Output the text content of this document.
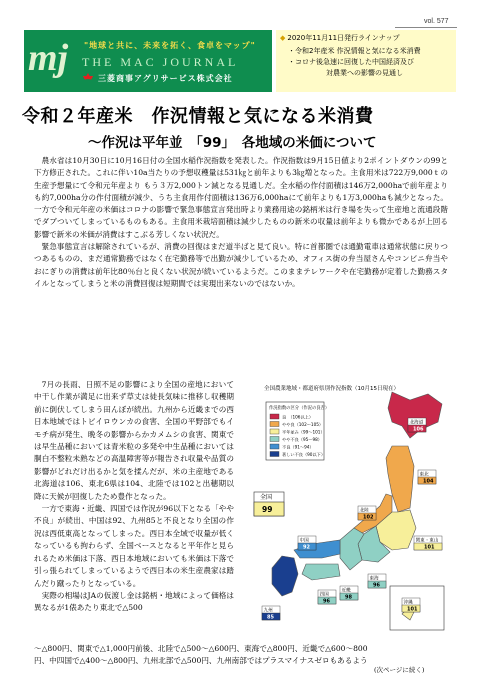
vol. 577
mj "地球と共に、未来を拓く、食卓をマップ"
THE MAC JOURNAL
三菱商事アグリサービス株式会社
◆ 2020年11月11日発行ラインナップ
・令和2年産米 作況情報と気になる米消費
・コロナ後急速に回復した中国経済及び
対農業への影響の見通し
令和２年産米　作況情報と気になる米消費
～作況は平年並　「99」　各地域の米価について

農水省は10月30日に10月16日付の全国水稲作況指数を発表した。作況指数は9月15日値より2ポイントダウンの99と下方修正された。これに伴い10a当たりの予想収穫量は531㎏と前年よりも3㎏増となった。主食用米は722万9,000ｔの生産予想量にて令和元年産より もう３万2,000トン減となる見通しだ。全水稲の作付面積は146万2,000haで前年産よりも約7,000ha分の作付面積が減少、うち主食用作付面積は136万6,000haにて前年よりも1万3,000haも減少となった。一方で令和元年産の米価はコロナの影響で緊急事態宣言発出時より業務用途の銘柄米は行き場を失って生産地と流通段階でダブついてしまっているものもある。主食用米栽培面積は減少したものの新米の収量は前年よりも微かであるが上回る影響で新米の米価が消費はすこぶる芳しくない状況だ。

緊急事態宣言は解除されているが、消費の回復はまだ道半ばと見て良い。特に首都圏では通勤電車は通常状態に戻りつつあるものの、まだ通常勤務ではなく在宅勤務等で出勤が減少しているため、オフィス街の弁当屋さんやコンビニ弁当やおにぎりの消費は前年比80％台と良くない状況が続いているようだ。このままテレワークや在宅勤務が定着した勤務スタイルとなってしまうと米の消費回復は短期間では実現出来ないのではないか。

7月の長雨、日照不足の影響により全国の産地において中干し作業が満足に出来ず草丈は徒長気味に推移し収穫期前に倒伏してしまう田んぼが続出。九州から近畿までの西日本地域ではトビイロウンカの食害、全国の平野部でもイモチ病が発生、晩冬の影響からかカメムシの食害、関東では早生品種においては青米粒の多発や中生品種においては胴白不整粒未熟などの高温障害等が報告され収量や品質の影響がどれだけ出るかと気を揉んだが、米の主産地である北海道は106、東北6県は104、北陸では102と出穂期以降に天候が回復したため豊作となった。

一方で東海・近畿、四国では作況が96以下となる「やや不良」が続出、中国は92、九州85と不良となり全国の作況は西低東高となってしまった。西日本全域で収量が低くなっているも拘わらず、全国ベースとなると平年作と見られるため米価は下落、西日本地域においても米価は下落で引っ張られてしまっているようで西日本の米生産農家は踏んだり蹴ったりとなっている。

実際の相場はJAの仮渡し金は銘柄・地域によって価格は異なるが1俵あたり東北で△500

全国農業地域・都道府県別作況指数（10月15日現在）
作況指数の区分（作況の良否）
良　（106以上）
やや良（102～105）
平年並み（99～101）
やや不良（95～98）
不良（91～94）
著しい不良（90以下）
全国
99
北海道
106
東北
104
北陸
102
関東・東山
101
東海
96
近畿
98
中国
92
四国
96
九州
85
沖縄
101
～△800円、関東で△1,000円前後、北陸で△500～△600円、東海で△800円、近畿で△600～800
円、中四国で△400～△800円、九州北部で△500円、九州南部ではプラスマイナスゼロもあるよう
(次ページに続く)
